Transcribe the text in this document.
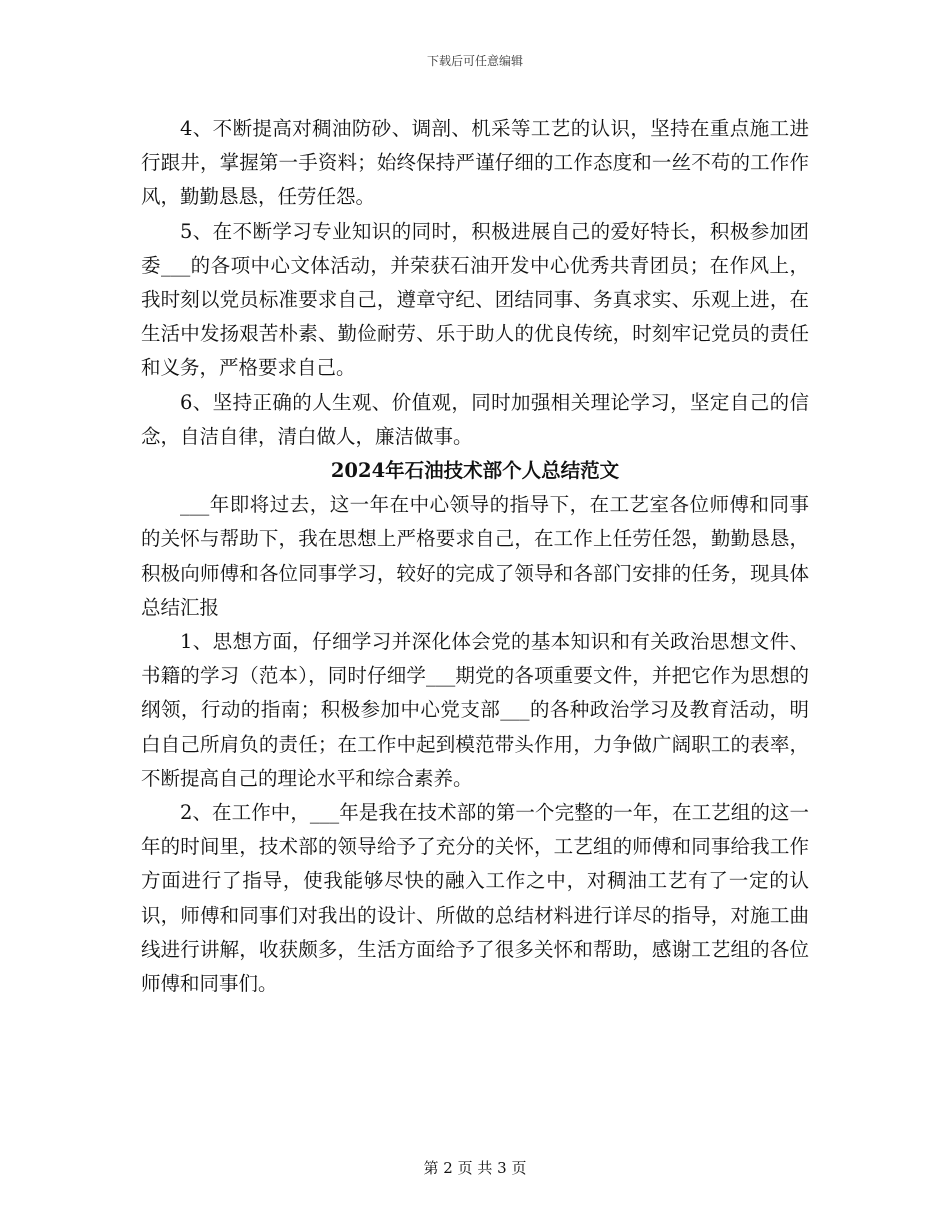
下载后可任意编辑

4、不断提高对稠油防砂、调剖、机采等工艺的认识，坚持在重点施工进行跟井，掌握第一手资料；始终保持严谨仔细的工作态度和一丝不苟的工作作风，勤勤恳恳，任劳任怨。

5、在不断学习专业知识的同时，积极进展自己的爱好特长，积极参加团委___的各项中心文体活动，并荣获石油开发中心优秀共青团员；在作风上，我时刻以党员标准要求自己，遵章守纪、团结同事、务真求实、乐观上进，在生活中发扬艰苦朴素、勤俭耐劳、乐于助人的优良传统，时刻牢记党员的责任和义务，严格要求自己。

6、坚持正确的人生观、价值观，同时加强相关理论学习，坚定自己的信念，自洁自律，清白做人，廉洁做事。

2024年石油技术部个人总结范文

___年即将过去，这一年在中心领导的指导下，在工艺室各位师傅和同事的关怀与帮助下，我在思想上严格要求自己，在工作上任劳任怨，勤勤恳恳，积极向师傅和各位同事学习，较好的完成了领导和各部门安排的任务，现具体总结汇报

1、思想方面，仔细学习并深化体会党的基本知识和有关政治思想文件、书籍的学习（范本），同时仔细学___期党的各项重要文件，并把它作为思想的纲领，行动的指南；积极参加中心党支部___的各种政治学习及教育活动，明白自己所肩负的责任；在工作中起到模范带头作用，力争做广阔职工的表率，不断提高自己的理论水平和综合素养。

2、在工作中，___年是我在技术部的第一个完整的一年，在工艺组的这一年的时间里，技术部的领导给予了充分的关怀，工艺组的师傅和同事给我工作方面进行了指导，使我能够尽快的融入工作之中，对稠油工艺有了一定的认识，师傅和同事们对我出的设计、所做的总结材料进行详尽的指导，对施工曲线进行讲解，收获颇多，生活方面给予了很多关怀和帮助，感谢工艺组的各位师傅和同事们。

第 2 页 共 3 页
